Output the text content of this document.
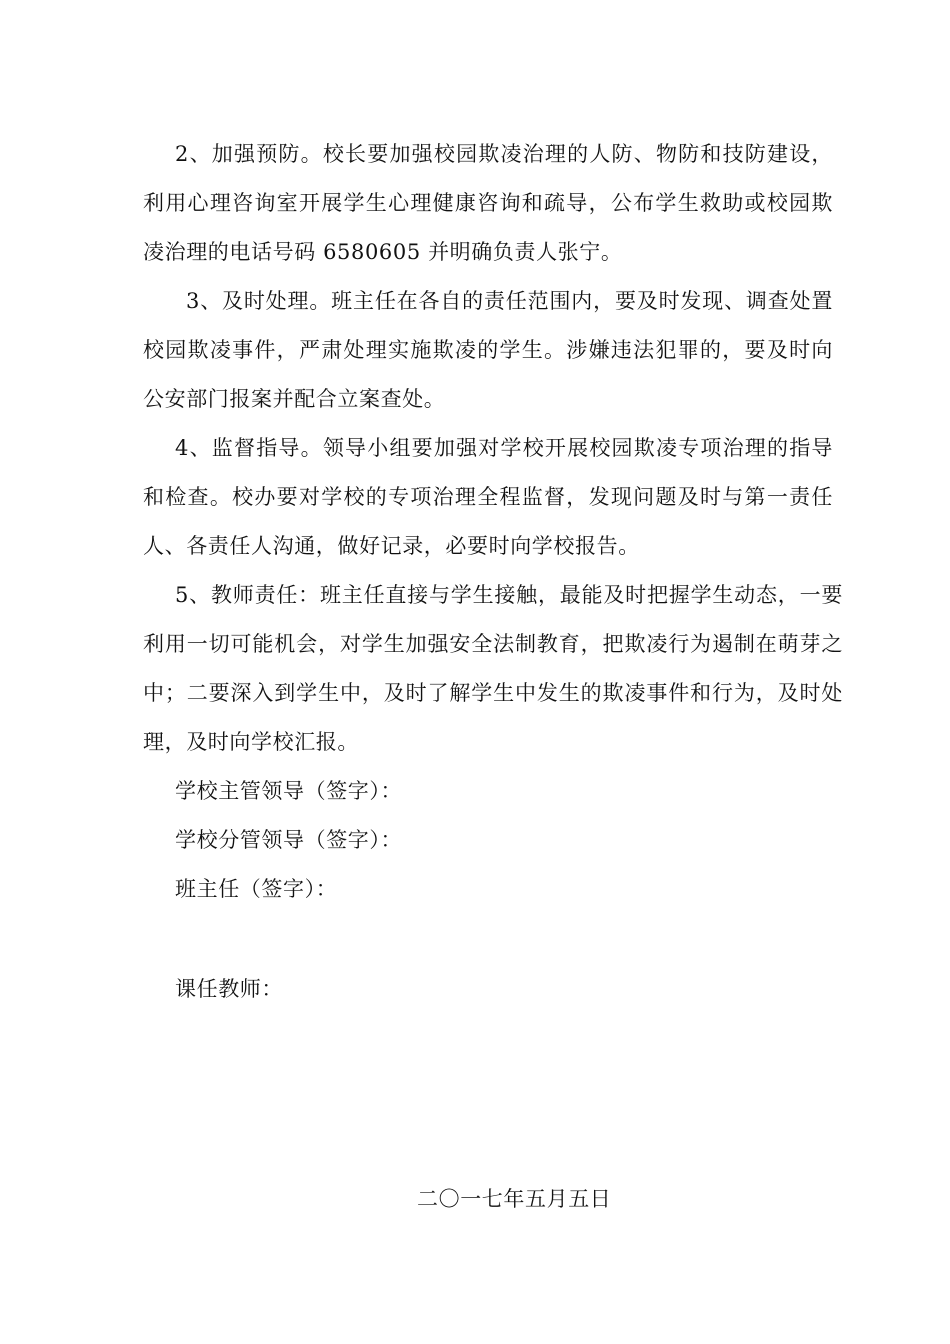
2、加强预防。校长要加强校园欺凌治理的人防、物防和技防建设，利用心理咨询室开展学生心理健康咨询和疏导，公布学生救助或校园欺凌治理的电话号码 6580605 并明确负责人张宁。

3、及时处理。班主任在各自的责任范围内，要及时发现、调查处置校园欺凌事件，严肃处理实施欺凌的学生。涉嫌违法犯罪的，要及时向公安部门报案并配合立案查处。

4、监督指导。领导小组要加强对学校开展校园欺凌专项治理的指导和检查。校办要对学校的专项治理全程监督，发现问题及时与第一责任人、各责任人沟通，做好记录，必要时向学校报告。

5、教师责任：班主任直接与学生接触，最能及时把握学生动态，一要利用一切可能机会，对学生加强安全法制教育，把欺凌行为遏制在萌芽之中；二要深入到学生中，及时了解学生中发生的欺凌事件和行为，及时处理，及时向学校汇报。

学校主管领导（签字）：
学校分管领导（签字）：
班主任（签字）：
课任教师：
二〇一七年五月五日
